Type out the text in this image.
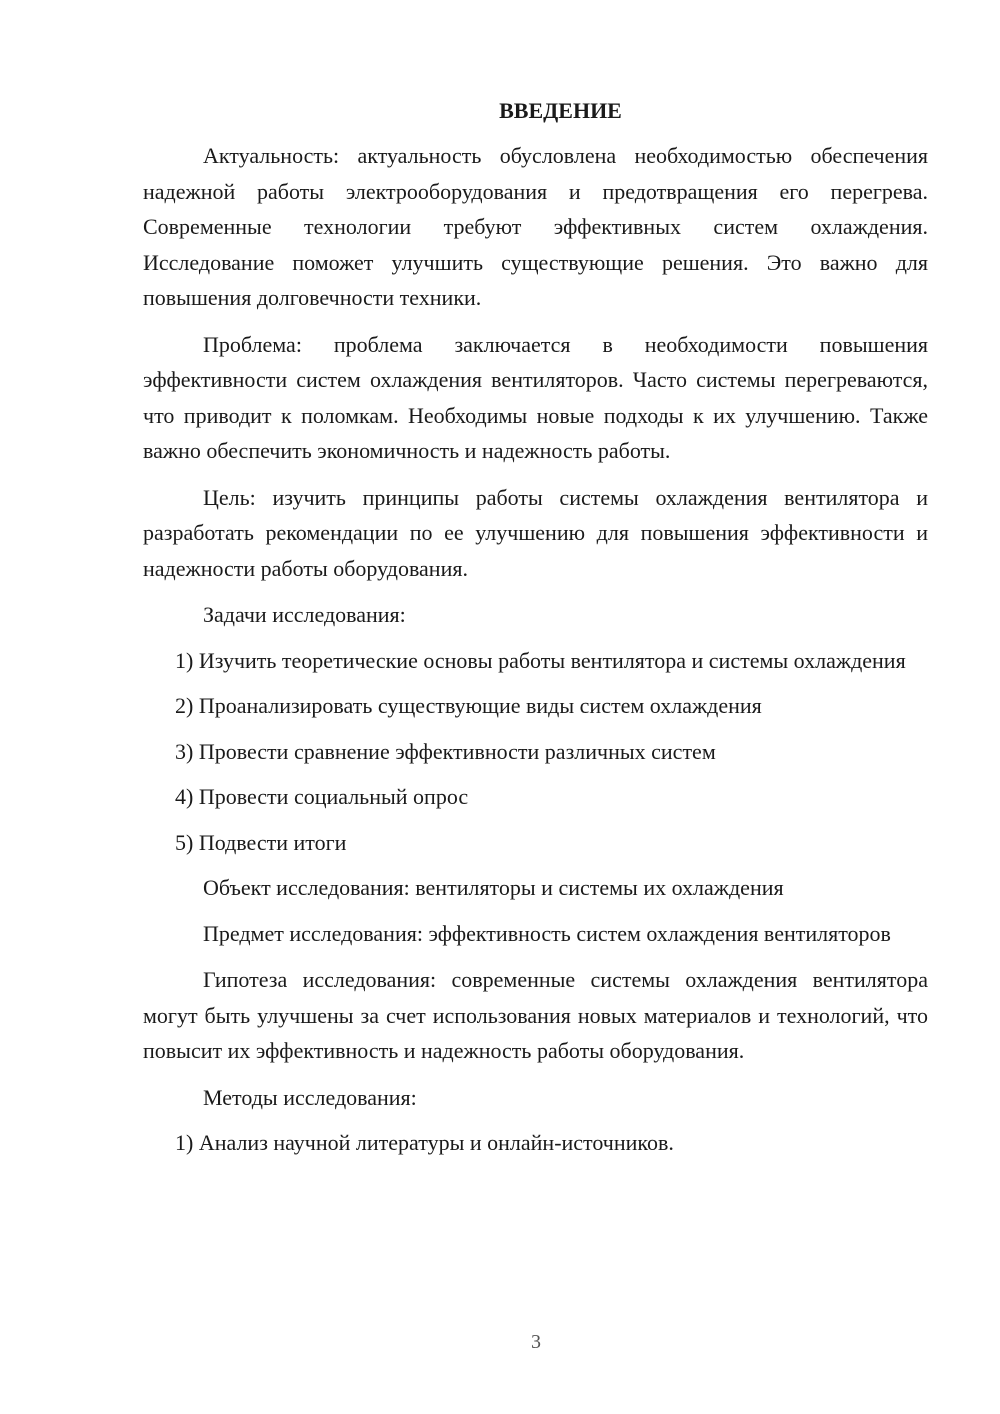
ВВЕДЕНИЕ
Актуальность: актуальность обусловлена необходимостью обеспечения надежной работы электрооборудования и предотвращения его перегрева. Современные технологии требуют эффективных систем охлаждения. Исследование поможет улучшить существующие решения. Это важно для повышения долговечности техники.
Проблема: проблема заключается в необходимости повышения эффективности систем охлаждения вентиляторов. Часто системы перегреваются, что приводит к поломкам. Необходимы новые подходы к их улучшению. Также важно обеспечить экономичность и надежность работы.
Цель: изучить принципы работы системы охлаждения вентилятора и разработать рекомендации по ее улучшению для повышения эффективности и надежности работы оборудования.
Задачи исследования:
1) Изучить теоретические основы работы вентилятора и системы охлаждения
2) Проанализировать существующие виды систем охлаждения
3) Провести сравнение эффективности различных систем
4) Провести социальный опрос
5) Подвести итоги
Объект исследования: вентиляторы и системы их охлаждения
Предмет исследования: эффективность систем охлаждения вентиляторов
Гипотеза исследования: современные системы охлаждения вентилятора могут быть улучшены за счет использования новых материалов и технологий, что повысит их эффективность и надежность работы оборудования.
Методы исследования:
1) Анализ научной литературы и онлайн-источников.
3
